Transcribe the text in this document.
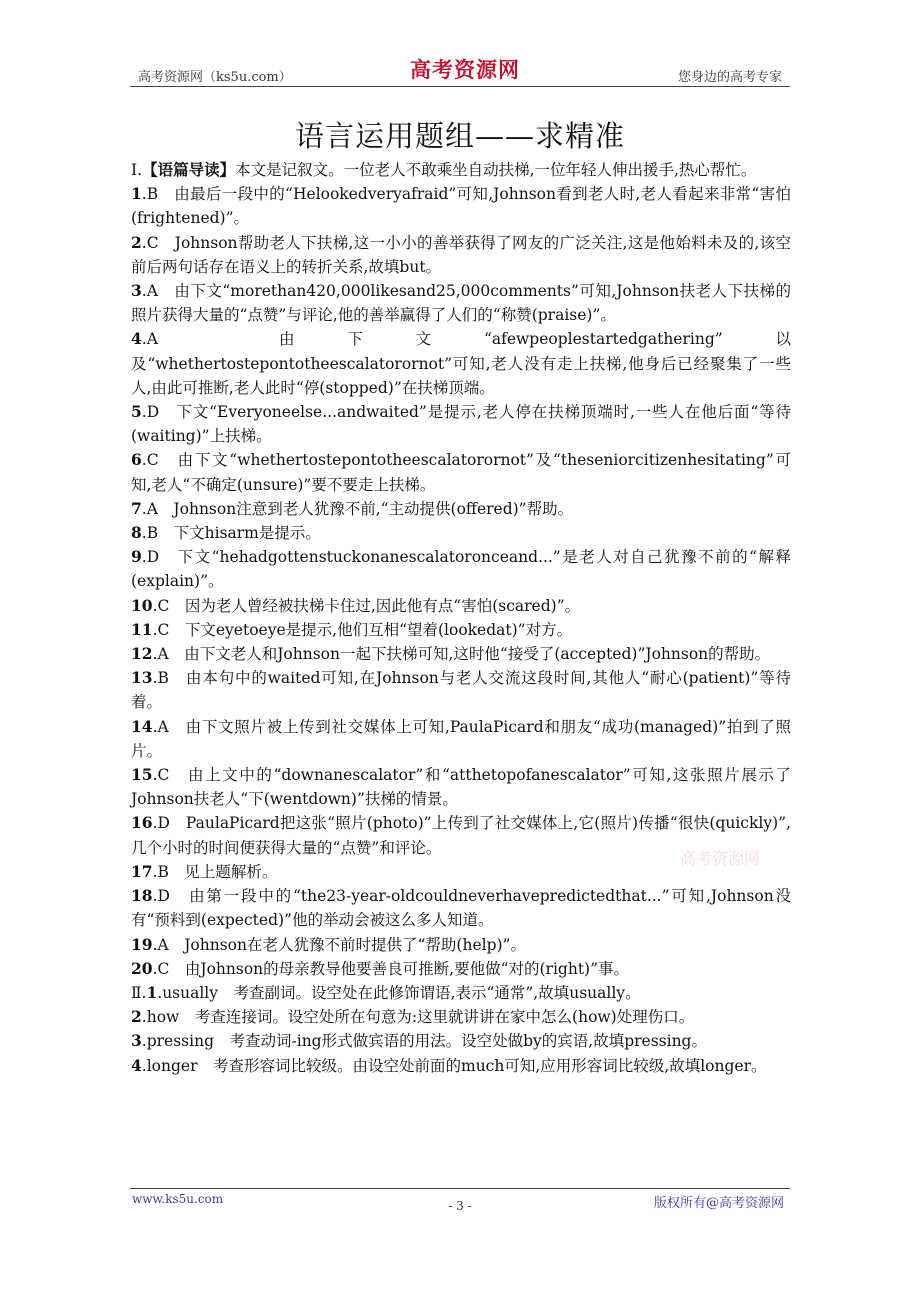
高考资源网（ks5u.com）	高考资源网	您身边的高考专家
语言运用题组——求精准

Ⅰ.【语篇导读】本文是记叙文。一位老人不敢乘坐自动扶梯,一位年轻人伸出援手,热心帮忙。

1.B　由最后一段中的“Helookedveryafraid”可知,Johnson看到老人时,老人看起来非常“害怕(frightened)”。

2.C　Johnson帮助老人下扶梯,这一小小的善举获得了网友的广泛关注,这是他始料未及的,该空前后两句话存在语义上的转折关系,故填but。

3.A　由下文“morethan420,000likesand25,000comments”可知,Johnson扶老人下扶梯的照片获得大量的“点赞”与评论,他的善举赢得了人们的“称赞(praise)”。

4.A　由下文“afewpeoplestartedgathering”以及“whethertostepontotheescalatorornot”可知,老人没有走上扶梯,他身后已经聚集了一些人,由此可推断,老人此时“停(stopped)”在扶梯顶端。

5.D　下文“Everyoneelse...andwaited”是提示,老人停在扶梯顶端时,一些人在他后面“等待(waiting)”上扶梯。

6.C　由下文“whethertostepontotheescalatorornot”及“theseniorcitizenhesitating”可知,老人“不确定(unsure)”要不要走上扶梯。

7.A　Johnson注意到老人犹豫不前,“主动提供(offered)”帮助。

8.B　下文hisarm是提示。

9.D　下文“hehadgottenstuckonanescalatoronceand...”是老人对自己犹豫不前的“解释(explain)”。

10.C　因为老人曾经被扶梯卡住过,因此他有点“害怕(scared)”。

11.C　下文eyetoeye是提示,他们互相“望着(lookedat)”对方。

12.A　由下文老人和Johnson一起下扶梯可知,这时他“接受了(accepted)”Johnson的帮助。

13.B　由本句中的waited可知,在Johnson与老人交流这段时间,其他人“耐心(patient)”等待着。

14.A　由下文照片被上传到社交媒体上可知,PaulaPicard和朋友“成功(managed)”拍到了照片。

15.C　由上文中的“downanescalator”和“atthetopofanescalator”可知,这张照片展示了Johnson扶老人“下(wentdown)”扶梯的情景。

16.D　PaulaPicard把这张“照片(photo)”上传到了社交媒体上,它(照片)传播“很快(quickly)”,几个小时的时间便获得大量的“点赞”和评论。

17.B　见上题解析。

18.D　由第一段中的“the23-year-oldcouldneverhavepredictedthat...”可知,Johnson没有“预料到(expected)”他的举动会被这么多人知道。

19.A　Johnson在老人犹豫不前时提供了“帮助(help)”。

20.C　由Johnson的母亲教导他要善良可推断,要他做“对的(right)”事。

Ⅱ.1.usually　考查副词。设空处在此修饰谓语,表示“通常”,故填usually。

2.how　考查连接词。设空处所在句意为:这里就讲讲在家中怎么(how)处理伤口。

3.pressing　考查动词-ing形式做宾语的用法。设空处做by的宾语,故填pressing。

4.longer　考查形容词比较级。由设空处前面的much可知,应用形容词比较级,故填longer。

高考资源网
www.ks5u.com	- 3 -	版权所有@高考资源网
